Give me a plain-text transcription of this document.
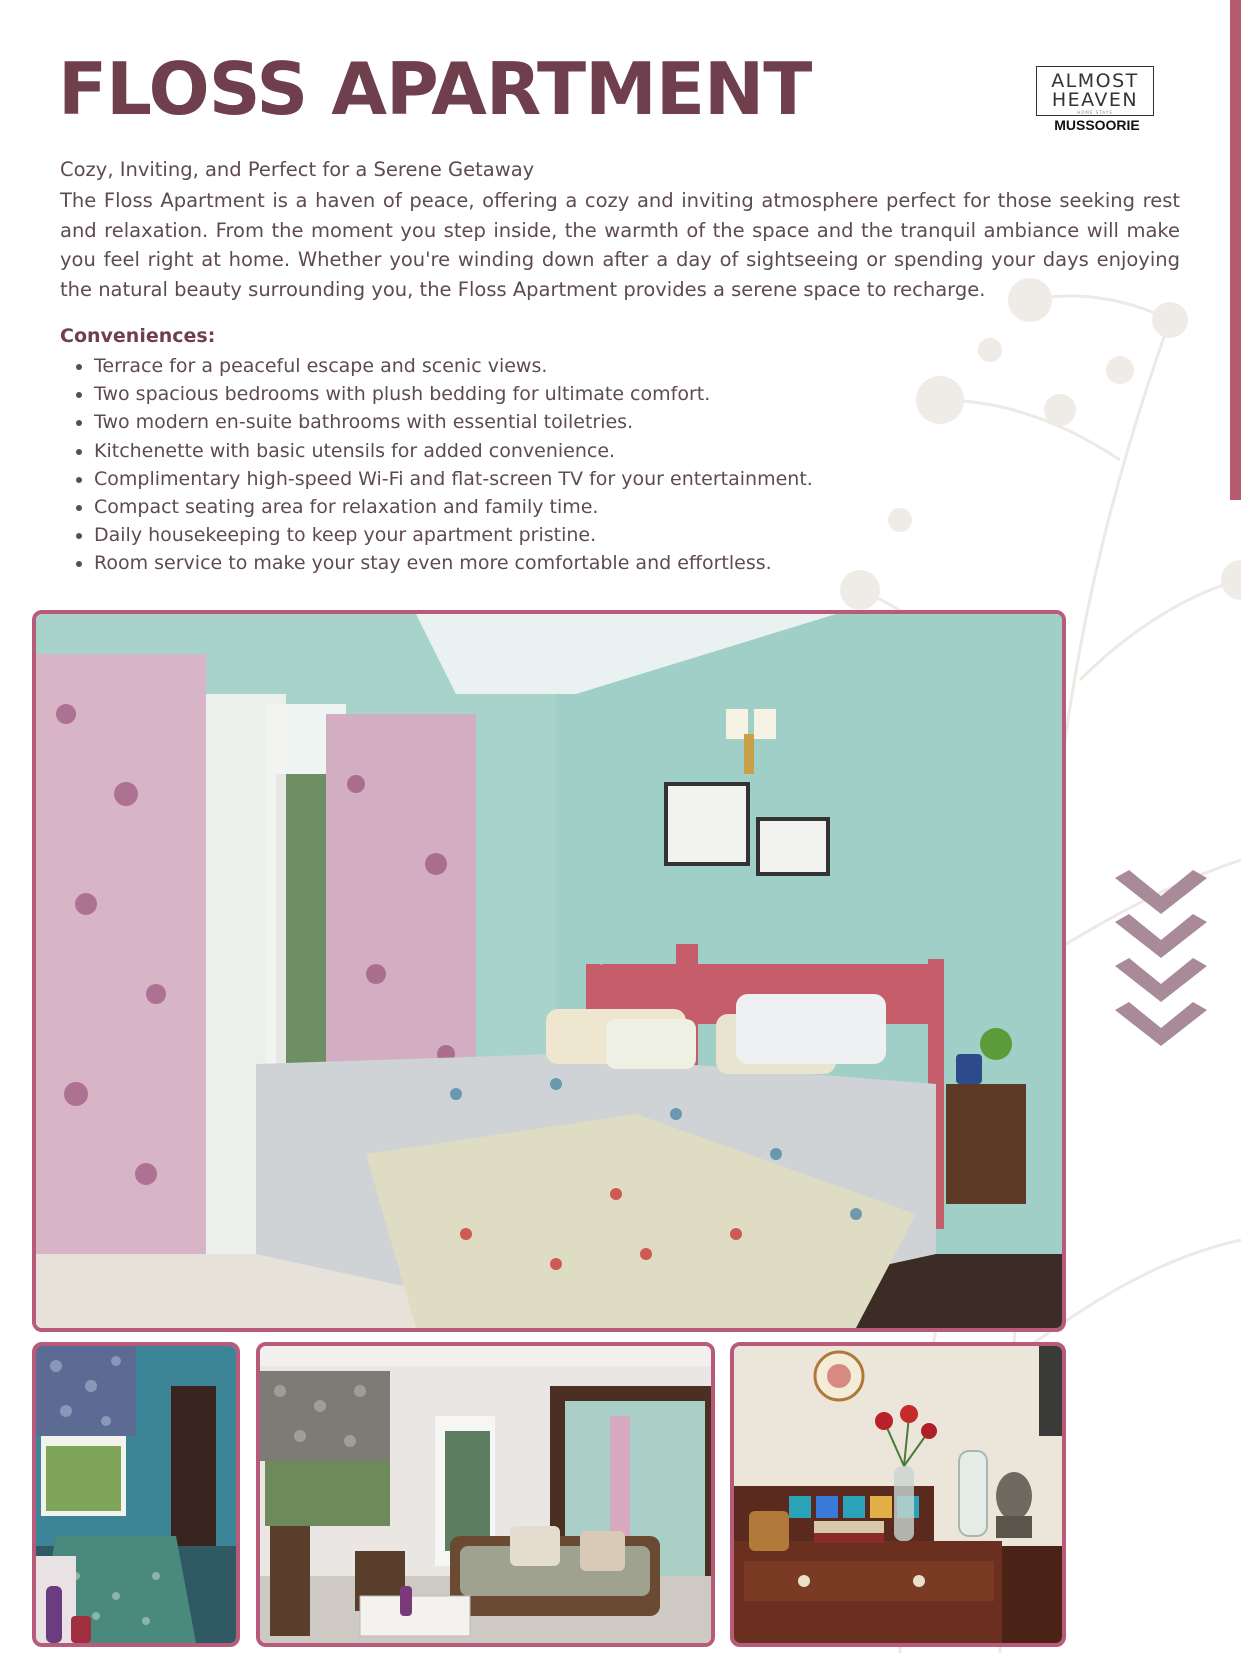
FLOSS APARTMENT	ALMOST
HEAVEN
HOME STAYS
MUSSOORIE
Cozy, Inviting, and Perfect for a Serene Getaway

The Floss Apartment is a haven of peace, offering a cozy and inviting atmosphere perfect for those seeking rest and relaxation. From the moment you step inside, the warmth of the space and the tranquil ambiance will make you feel right at home. Whether you're winding down after a day of sightseeing or spending your days enjoying the natural beauty surrounding you, the Floss Apartment provides a serene space to recharge.

Conveniences:
• Terrace for a peaceful escape and scenic views.
• Two spacious bedrooms with plush bedding for ultimate comfort.
• Two modern en-suite bathrooms with essential toiletries.
• Kitchenette with basic utensils for added convenience.
• Complimentary high-speed Wi-Fi and flat-screen TV for your entertainment.
• Compact seating area for relaxation and family time.
• Daily housekeeping to keep your apartment pristine.
• Room service to make your stay even more comfortable and effortless.
